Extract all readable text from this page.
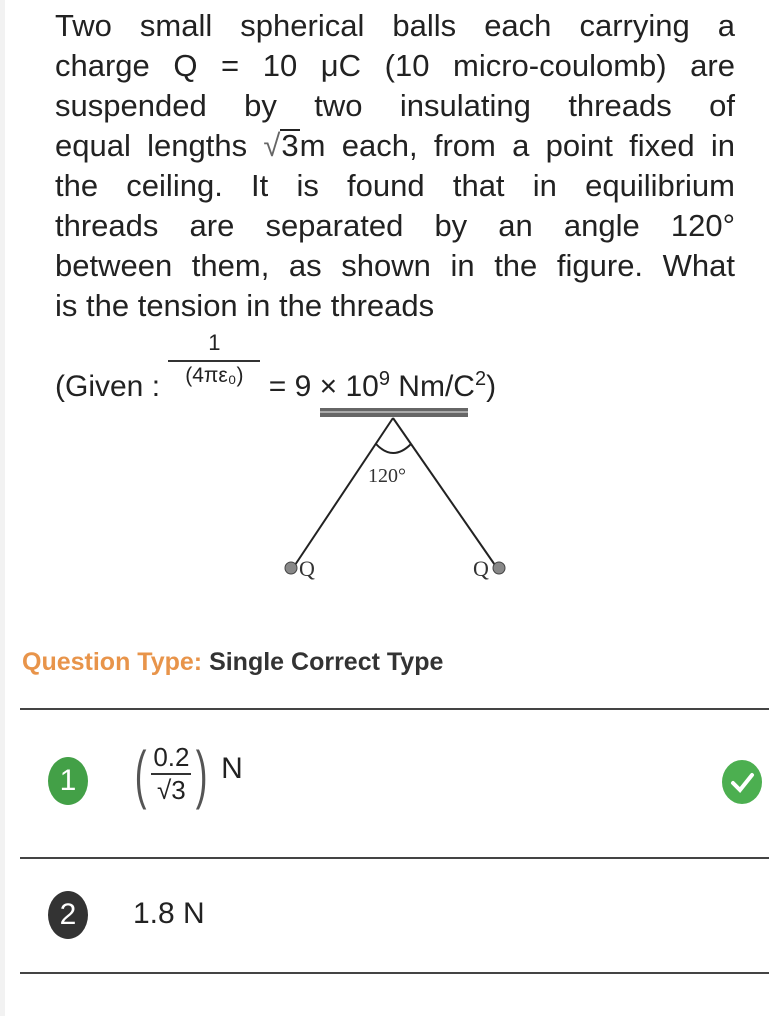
Two small spherical balls each carrying a
charge Q = 10 μC (10 micro-coulomb) are
suspended by two insulating threads of
equal lengths √3m each, from a point fixed in
the ceiling. It is found that in equilibrium
threads are separated by an angle 120°
between them, as shown in the figure. What
is the tension in the threads
(Given : $\frac{1}{\text{(4πε₀)}} = 9 \times 10^9$ $Nm/C^2$)
120°
Q	Q
Question Type: Single Correct Type
1 ( $\frac{0.2}{√3}$ ) N
2	1.8 N
